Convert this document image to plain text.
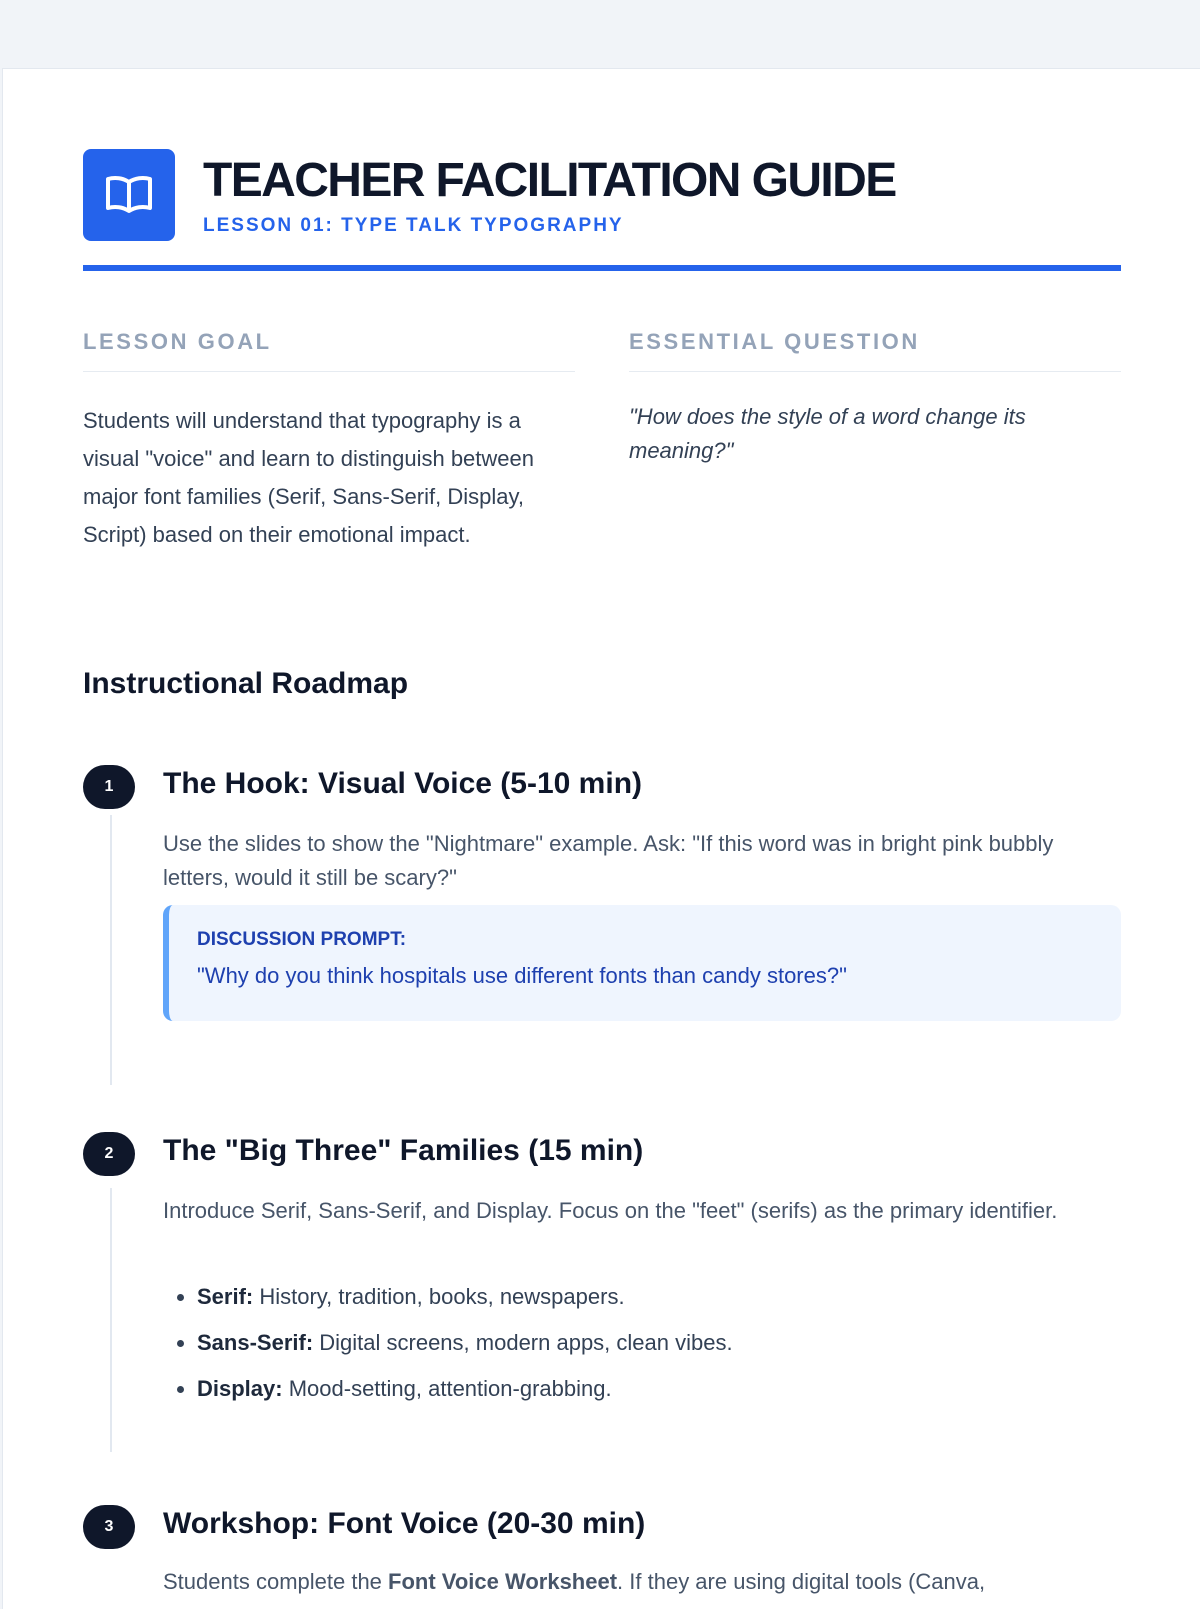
TEACHER FACILITATION GUIDE
LESSON 01: TYPE TALK TYPOGRAPHY
LESSON GOAL
Students will understand that typography is a visual "voice" and learn to distinguish between major font families (Serif, Sans-Serif, Display, Script) based on their emotional impact.
ESSENTIAL QUESTION
"How does the style of a word change its meaning?"
Instructional Roadmap
1	The Hook: Visual Voice (5-10 min)
Use the slides to show the "Nightmare" example. Ask: "If this word was in bright pink bubbly letters, would it still be scary?"
DISCUSSION PROMPT:
"Why do you think hospitals use different fonts than candy stores?"
2	The "Big Three" Families (15 min)
Introduce Serif, Sans-Serif, and Display. Focus on the "feet" (serifs) as the primary identifier.
• Serif: History, tradition, books, newspapers.
• Sans-Serif: Digital screens, modern apps, clean vibes.
• Display: Mood-setting, attention-grabbing.
3	Workshop: Font Voice (20-30 min)
Students complete the Font Voice Worksheet. If they are using digital tools (Canva,
